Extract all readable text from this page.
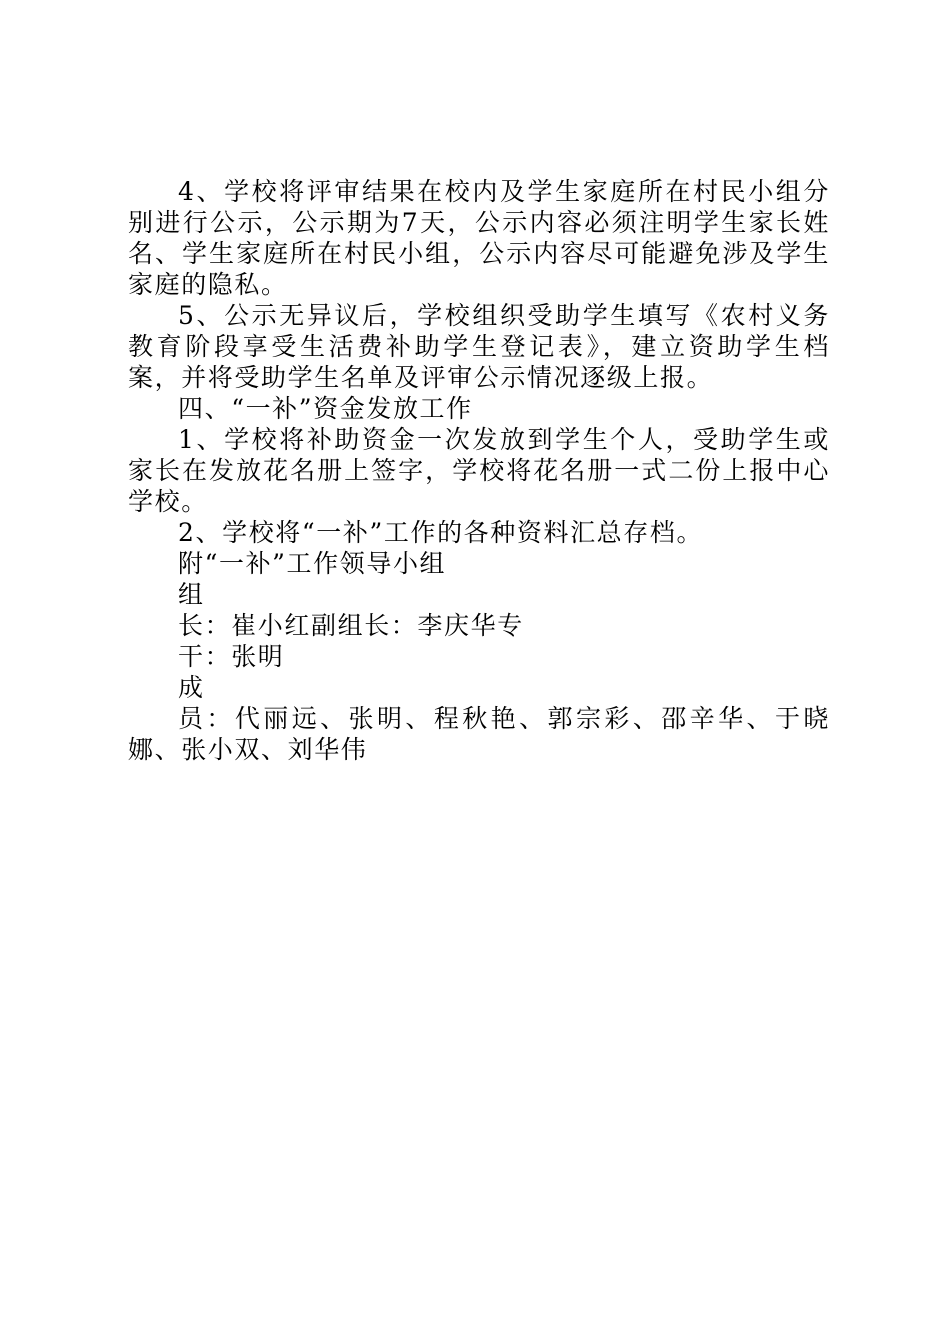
4、学校将评审结果在校内及学生家庭所在村民小组分别进行公示，公示期为7天，公示内容必须注明学生家长姓名、学生家庭所在村民小组，公示内容尽可能避免涉及学生家庭的隐私。

5、公示无异议后，学校组织受助学生填写《农村义务教育阶段享受生活费补助学生登记表》，建立资助学生档案，并将受助学生名单及评审公示情况逐级上报。

四、“一补”资金发放工作

1、学校将补助资金一次发放到学生个人，受助学生或家长在发放花名册上签字，学校将花名册一式二份上报中心学校。

2、学校将“一补”工作的各种资料汇总存档。

附“一补”工作领导小组

组

长：崔小红副组长：李庆华专

干：张明

成

员：代丽远、张明、程秋艳、郭宗彩、邵辛华、于晓娜、张小双、刘华伟
